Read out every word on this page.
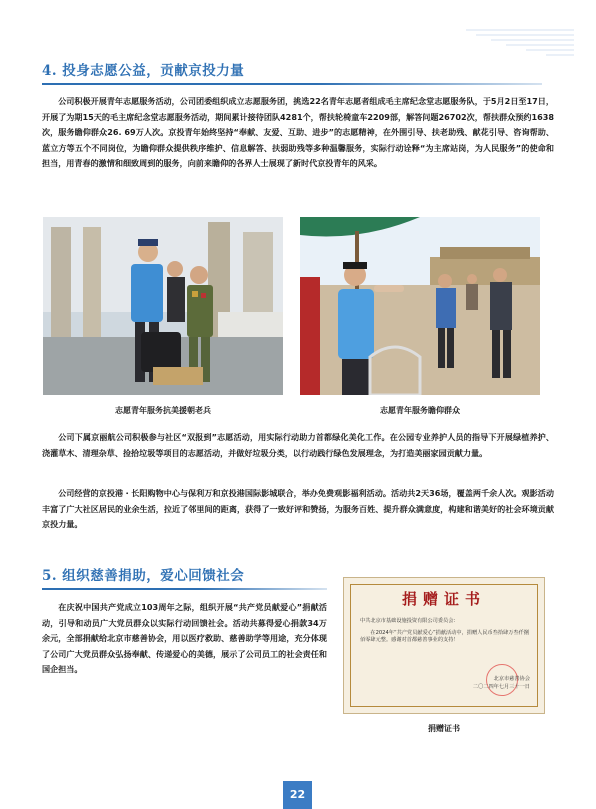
4. 投身志愿公益，贡献京投力量

公司积极开展青年志愿服务活动，公司团委组织成立志愿服务团，挑选22名青年志愿者组成毛主席纪念堂志愿服务队，于5月2日至17日，开展了为期15天的毛主席纪念堂志愿服务活动，期间累计接待团队4281个，帮扶轮椅童车2209部，解答问题26702次，帮扶群众预约1638次，服务瞻仰群众26. 69万人次。京投青年始终坚持“奉献、友爱、互助、进步”的志愿精神，在外围引导、扶老助残、献花引导、咨询帮助、蓝立方等五个不同岗位，为瞻仰群众提供秩序维护、信息解答、扶弱助残等多种温馨服务，实际行动诠释“为主席站岗，为人民服务”的使命和担当，用青春的激情和细致周到的服务，向前来瞻仰的各界人士展现了新时代京投青年的风采。

志愿青年服务抗美援朝老兵	志愿青年服务瞻仰群众

公司下属京丽航公司积极参与社区“双报到”志愿活动，用实际行动助力首都绿化美化工作。在公园专业养护人员的指导下开展绿植养护、浇灌草木、清理杂草、捡拾垃圾等项目的志愿活动，并做好垃圾分类，以行动践行绿色发展理念，为打造美丽家园贡献力量。

公司经营的京投港・长阳购物中心与保利万和京投港国际影城联合，举办免费观影福利活动。活动共2天36场，覆盖两千余人次。观影活动丰富了广大社区居民的业余生活，拉近了邻里间的距离，获得了一致好评和赞扬，为服务百姓、提升群众满意度，构建和谐美好的社会环境贡献京投力量。

5. 组织慈善捐助，爱心回馈社会

在庆祝中国共产党成立103周年之际，组织开展“共产党员献爱心”捐献活动，引导和动员广大党员群众以实际行动回馈社会。活动共募得爱心捐款34万余元，全部捐献给北京市慈善协会，用以医疗救助、慈善助学等用途，充分体现了公司广大党员群众弘扬奉献、传递爱心的美德，展示了公司员工的社会责任和国企担当。

捐赠证书
中共北京市基础设施投资有限公司委员会：
在2024年“共产党员献爱心”捐献活动中，捐赠人民币叁拾肆万叁仟捌佰零肆元整。感谢对首都慈善事业的支持！
北京市慈善协会
二〇二四年七月三十一日
捐赠证书
22
